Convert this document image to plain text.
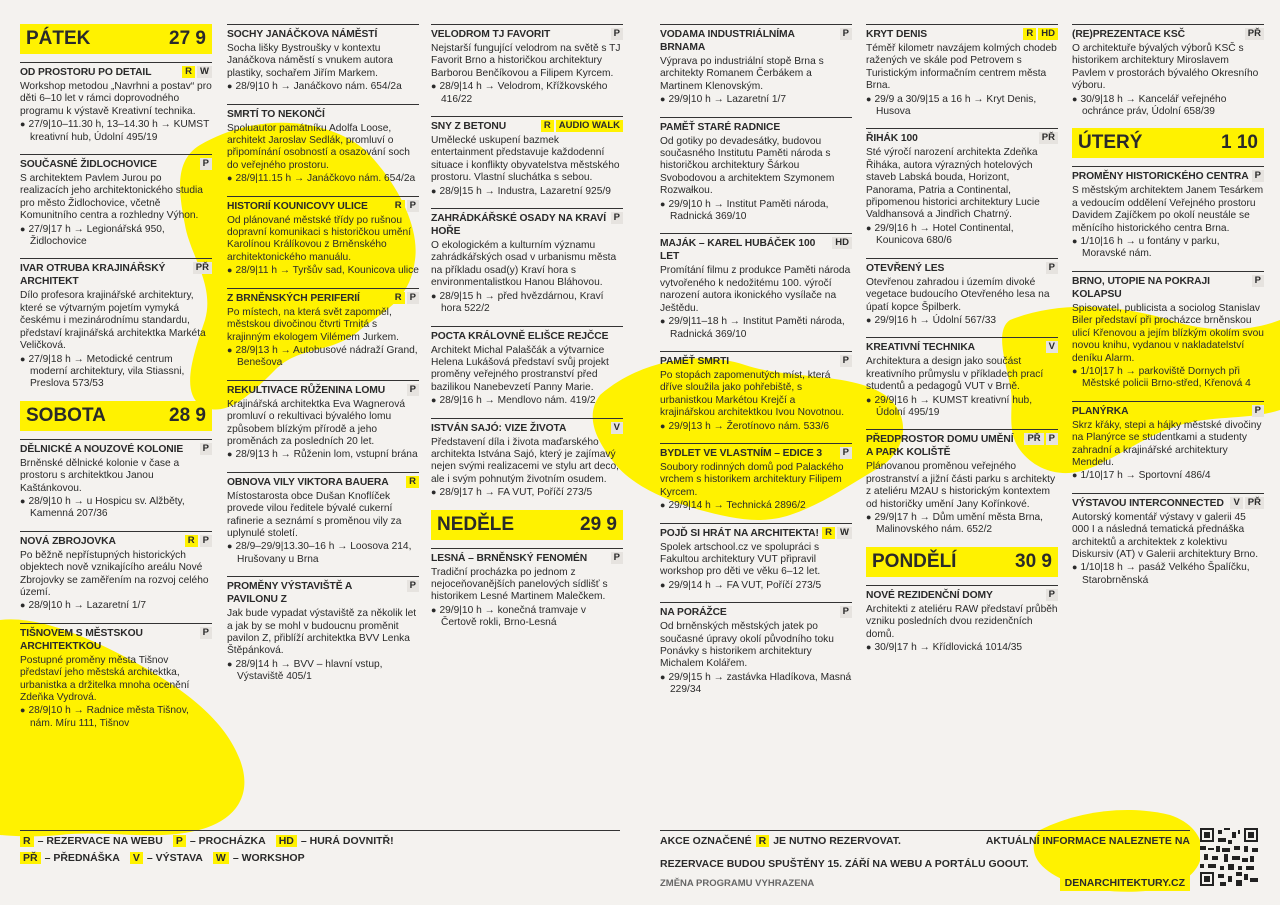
PÁTEK	27 9
OD PROSTORU PO DETAIL	R W
Workshop metodou „Navrhni a postav“ pro děti 6–10 let v rámci doprovodného programu k výstavě Kreativní technika.
● 27/9|10–11.30 h, 13–14.30 h → KUMST kreativní hub, Údolní 495/19
SOUČASNÉ ŽIDLOCHOVICE	P
S architektem Pavlem Jurou po realizacích jeho architektonického studia pro město Židlochovice, včetně Komunitního centra a rozhledny Výhon.
● 27/9|17 h → Legionářská 950, Židlochovice
IVAR OTRUBA KRAJINÁŘSKÝ ARCHITEKT
PŘ
Dílo profesora krajinářské architektury, které se výtvarným pojetím vymyká českému i mezinárodnímu standardu, představí krajinářská architektka Markéta Veličková.
● 27/9|18 h → Metodické centrum moderní architektury, vila Stiassni, Preslova 573/53
SOBOTA	28 9
DĚLNICKÉ A NOUZOVÉ KOLONIE	P
Brněnské dělnické kolonie v čase a prostoru s architektkou Janou Kaštánkovou.
● 28/9|10 h → u Hospicu sv. Alžběty, Kamenná 207/36
NOVÁ ZBROJOVKA	R P
Po běžně nepřístupných historických objektech nově vznikajícího areálu Nové Zbrojovky se zaměřením na rozvoj celého území.
● 28/9|10 h → Lazaretní 1/7
TIŠNOVEM S MĚSTSKOU ARCHITEKTKOU
P
Postupné proměny města Tišnov představí jeho městská architektka, urbanistka a držitelka mnoha ocenění Zdeňka Vydrová.
● 28/9|10 h → Radnice města Tišnov, nám. Míru 111, Tišnov
SOCHY JANÁČKOVA NÁMĚSTÍ
Socha lišky Bystroušky v kontextu Janáčkova náměstí s vnukem autora plastiky, sochařem Jiřím Markem.
● 28/9|10 h → Janáčkovo nám. 654/2a
SMRTÍ TO NEKONČÍ
Spoluautor památníku Adolfa Loose, architekt Jaroslav Sedlák, promluví o připomínání osobností a osazování soch do veřejného prostoru.
● 28/9|11.15 h → Janáčkovo nám. 654/2a
HISTORIÍ KOUNICOVY ULICE	R P
Od plánované městské třídy po rušnou dopravní komunikaci s historičkou umění Karolínou Králíkovou z Brněnského architektonického manuálu.
● 28/9|11 h → Tyršův sad, Kounicova ulice
Z BRNĚNSKÝCH PERIFERIÍ	R P
Po místech, na která svět zapomněl, městskou divočinou čtvrti Trnitá s krajinným ekologem Vilémem Jurkem.
● 28/9|13 h → Autobusové nádraží Grand, Benešova
REKULTIVACE RŮŽENINA LOMU	P
Krajinářská architektka Eva Wagnerová promluví o rekultivaci bývalého lomu způsobem blízkým přírodě a jeho proměnách za posledních 20 let.
● 28/9|13 h → Růženin lom, vstupní brána
OBNOVA VILY VIKTORA BAUERA	R
Místostarosta obce Dušan Knoflíček provede vilou ředitele bývalé cukerní rafinerie a seznámí s proměnou vily za uplynulé století.
● 28/9–29/9|13.30–16 h → Loosova 214, Hrušovany u Brna
PROMĚNY VÝSTAVIŠTĚ A PAVILONU Z
P
Jak bude vypadat výstaviště za několik let a jak by se mohl v budoucnu proměnit pavilon Z, přiblíží architektka BVV Lenka Štěpánková.
● 28/9|14 h → BVV – hlavní vstup, Výstaviště 405/1
VELODROM TJ FAVORIT	P
Nejstarší fungující velodrom na světě s TJ Favorit Brno a historičkou architektury Barborou Benčíkovou a Filipem Kyrcem.
● 28/9|14 h → Velodrom, Křížkovského 416/22
SNY Z BETONU	R AUDIO WALK
Umělecké uskupení bazmek entertainment představuje každodenní situace i konflikty obyvatelstva městského prostoru. Vlastní sluchátka s sebou.
● 28/9|15 h → Industra, Lazaretní 925/9
ZAHRÁDKÁŘSKÉ OSADY NA KRAVÍ HOŘE
P
O ekologickém a kulturním významu zahrádkářských osad v urbanismu města na příkladu osad(y) Kraví hora s environmentalistkou Hanou Bláhovou.
● 28/9|15 h → před hvězdárnou, Kraví hora 522/2
POCTA KRÁLOVNĚ ELIŠCE REJČCE
Architekt Michal Palaščák a výtvarnice Helena Lukášová představí svůj projekt proměny veřejného prostranství před bazilikou Nanebevzetí Panny Marie.
● 28/9|16 h → Mendlovo nám. 419/2
ISTVÁN SAJÓ: VIZE ŽIVOTA	V
Představení díla i života maďarského architekta Istvána Sajó, který je zajímavý nejen svými realizacemi ve stylu art deco, ale i svým pohnutým životním osudem.
● 28/9|17 h → FA VUT, Poříčí 273/5
NEDĚLE	29 9
LESNÁ – BRNĚNSKÝ FENOMÉN	P
Tradiční procházka po jednom z nejoceňovanějších panelových sídlišť s historikem Lesné Martinem Malečkem.
● 29/9|10 h → konečná tramvaje v Čertově rokli, Brno-Lesná
VODAMA INDUSTRIÁLNÍMA BRNAMA
P
Výprava po industriální stopě Brna s architekty Romanem Čerbákem a Martinem Klenovským.
● 29/9|10 h → Lazaretní 1/7
PAMĚŤ STARÉ RADNICE
Od gotiky po devadesátky, budovou současného Institutu Paměti národa s historičkou architektury Šárkou Svobodovou a architektem Szymonem Rozwałkou.
● 29/9|10 h → Institut Paměti národa, Radnická 369/10
MAJÁK – KAREL HUBÁČEK 100 LET
HD
Promítání filmu z produkce Paměti národa vytvořeného k nedožitému 100. výročí narození autora ikonického vysílače na Ještědu.
● 29/9|11–18 h → Institut Paměti národa, Radnická 369/10
PAMĚŤ SMRTI	P
Po stopách zapomenutých míst, která dříve sloužila jako pohřebiště, s urbanistkou Markétou Krejčí a krajinářskou architektkou Ivou Novotnou.
● 29/9|13 h → Žerotínovo nám. 533/6
BYDLET VE VLASTNÍM – EDICE 3	P
Soubory rodinných domů pod Palackého vrchem s historikem architektury Filipem Kyrcem.
● 29/9|14 h → Technická 2896/2
POJĎ SI HRÁT NA ARCHITEKTA! R W
Spolek artschool.cz ve spolupráci s Fakultou architektury VUT připravil workshop pro děti ve věku 6–12 let.
● 29/9|14 h → FA VUT, Poříčí 273/5
NA PORÁŽCE	P
Od brněnských městských jatek po současné úpravy okolí původního toku Ponávky s historikem architektury Michalem Kolářem.
● 29/9|15 h → zastávka Hladíkova, Masná 229/34
KRYT DENIS	R HD
Téměř kilometr navzájem kolmých chodeb ražených ve skále pod Petrovem s Turistickým informačním centrem města Brna.
● 29/9 a 30/9|15 a 16 h → Kryt Denis, Husova
ŘIHÁK 100	PŘ
Sté výročí narození architekta Zdeňka Řiháka, autora výrazných hotelových staveb Labská bouda, Horizont, Panorama, Patria a Continental, připomenou historici architektury Lucie Valdhansová a Jindřich Chatrný.
● 29/9|16 h → Hotel Continental, Kounicova 680/6
OTEVŘENÝ LES	P
Otevřenou zahradou i územím divoké vegetace budoucího Otevřeného lesa na úpatí kopce Špilberk.
● 29/9|16 h → Údolní 567/33
KREATIVNÍ TECHNIKA	V
Architektura a design jako součást kreativního průmyslu v příkladech prací studentů a pedagogů VUT v Brně.
● 29/9|16 h → KUMST kreativní hub, Údolní 495/19
PŘEDPROSTOR DOMU UMĚNÍ A PARK KOLIŠTĚ
PŘ P
Plánovanou proměnou veřejného prostranství a jižní části parku s architekty z ateliéru M2AU s historickým kontextem od historičky umění Jany Kořínkové.
● 29/9|17 h → Dům umění města Brna, Malinovského nám. 652/2
PONDĚLÍ	30 9
NOVÉ REZIDENČNÍ DOMY	P
Architekti z ateliéru RAW představí průběh vzniku posledních dvou rezidenčních domů.
● 30/9|17 h → Křídlovická 1014/35
(RE)PREZENTACE KSČ	PŘ
O architektuře bývalých výborů KSČ s historikem architektury Miroslavem Pavlem v prostorách bývalého Okresního výboru.
● 30/9|18 h → Kancelář veřejného ochránce práv, Údolní 658/39
ÚTERÝ	1 10
PROMĚNY HISTORICKÉHO CENTRA P
S městským architektem Janem Tesárkem a vedoucím oddělení Veřejného prostoru Davidem Zajíčkem po okolí neustále se měnícího historického centra Brna.
● 1/10|16 h → u fontány v parku, Moravské nám.
BRNO, UTOPIE NA POKRAJI KOLAPSU
P
Spisovatel, publicista a sociolog Stanislav Biler představí při procházce brněnskou ulicí Křenovou a jejím blízkým okolím svou novou knihu, vydanou v nakladatelství deníku Alarm.
● 1/10|17 h → parkoviště Dornych při Městské policii Brno-střed, Křenová 4
PLANÝRKA	P
Skrz křáky, stepi a hájky městské divočiny na Planýrce se studentkami a studenty zahradní a krajinářské architektury Mendelu.
● 1/10|17 h → Sportovní 486/4
VÝSTAVOU INTERCONNECTED	V PŘ
Autorský komentář výstavy v galerii 45 000 I a následná tematická přednáška architektů a architektek z kolektivu Diskursiv (AT) v Galerii architektury Brno.
● 1/10|18 h → pasáž Velkého Špalíčku, Starobrněnská
R – REZERVACE NA WEBU P – PROCHÁZKA HD – HURÁ DOVNITŘ!
PŘ – PŘEDNÁŠKA V – VÝSTAVA W – WORKSHOP
AKCE OZNAČENÉ R JE NUTNO REZERVOVAT.	AKTUÁLNÍ INFORMACE NALEZNETE NA
REZERVACE BUDOU SPUŠTĚNY 15. ZÁŘÍ NA WEBU A PORTÁLU GOOUT.
ZMĚNA PROGRAMU VYHRAZENA	DENARCHITEKTURY.CZ
